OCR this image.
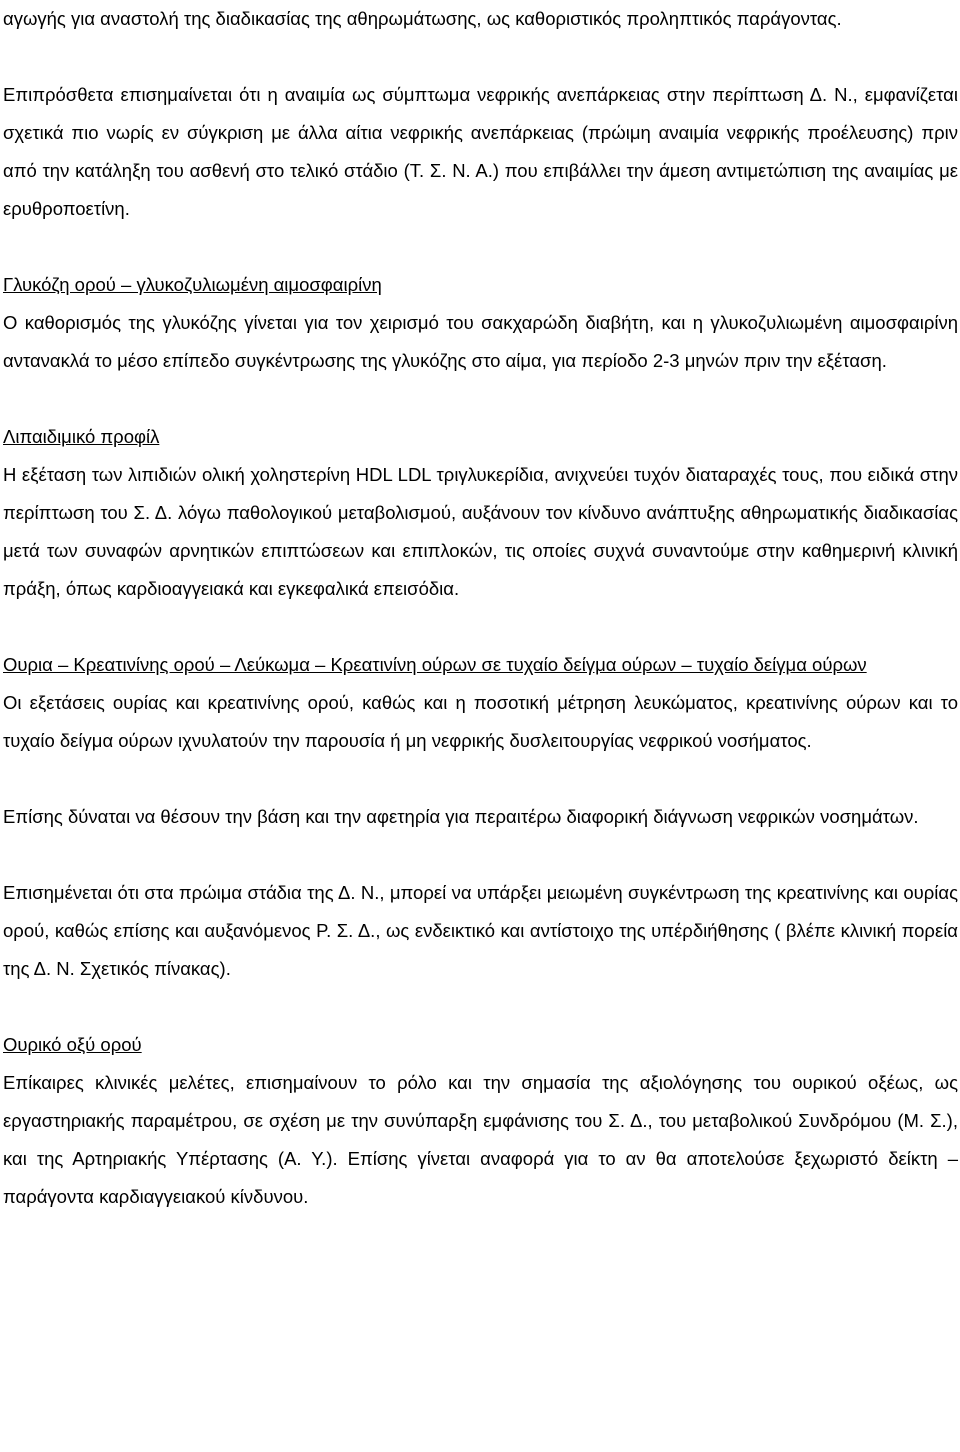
αγωγής για αναστολή της διαδικασίας της αθηρωμάτωσης, ως καθοριστικός προληπτικός παράγοντας.

Επιπρόσθετα επισημαίνεται ότι η αναιμία ως σύμπτωμα νεφρικής ανεπάρκειας στην περίπτωση Δ. Ν., εμφανίζεται σχετικά πιο νωρίς εν σύγκριση με άλλα αίτια νεφρικής ανεπάρκειας (πρώιμη αναιμία νεφρικής προέλευσης) πριν από την κατάληξη του ασθενή στο τελικό στάδιο (Τ. Σ. Ν. Α.) που επιβάλλει την άμεση αντιμετώπιση της αναιμίας με ερυθροποετίνη.

Γλυκόζη ορού – γλυκοζυλιωμένη αιμοσφαιρίνη

Ο καθορισμός της γλυκόζης γίνεται για τον χειρισμό του σακχαρώδη διαβήτη, και η γλυκοζυλιωμένη αιμοσφαιρίνη αντανακλά το μέσο επίπεδο συγκέντρωσης της γλυκόζης στο αίμα, για περίοδο 2-3 μηνών πριν την εξέταση.

Λιπαιδιμικό προφίλ

Η εξέταση των λιπιδιών ολική χοληστερίνη HDL LDL τριγλυκερίδια, ανιχνεύει τυχόν διαταραχές τους, που ειδικά στην περίπτωση του Σ. Δ. λόγω παθολογικού μεταβολισμού, αυξάνουν τον κίνδυνο ανάπτυξης αθηρωματικής διαδικασίας μετά των συναφών αρνητικών επιπτώσεων και επιπλοκών, τις οποίες συχνά συναντούμε στην καθημερινή κλινική πράξη, όπως καρδιοαγγειακά και εγκεφαλικά επεισόδια.

Ουρια – Κρεατινίνης ορού – Λεύκωμα – Κρεατινίνη ούρων σε τυχαίο δείγμα ούρων – τυχαίο δείγμα ούρων

Οι εξετάσεις ουρίας και κρεατινίνης ορού, καθώς και η ποσοτική μέτρηση λευκώματος, κρεατινίνης ούρων και το τυχαίο δείγμα ούρων ιχνυλατούν την παρουσία ή μη νεφρικής δυσλειτουργίας νεφρικού νοσήματος.

Επίσης δύναται να θέσουν την βάση και την αφετηρία για περαιτέρω διαφορική διάγνωση νεφρικών νοσημάτων.

Επισημένεται ότι στα πρώιμα στάδια της Δ. Ν., μπορεί να υπάρξει μειωμένη συγκέντρωση της κρεατινίνης και ουρίας ορού, καθώς επίσης και αυξανόμενος Ρ. Σ. Δ., ως ενδεικτικό και αντίστοιχο της υπέρδιήθησης ( βλέπε κλινική πορεία της Δ. Ν. Σχετικός πίνακας).

Ουρικό οξύ ορού

Επίκαιρες κλινικές μελέτες, επισημαίνουν το ρόλο και την σημασία της αξιολόγησης του ουρικού οξέως, ως εργαστηριακής παραμέτρου, σε σχέση με την συνύπαρξη εμφάνισης του Σ. Δ., του μεταβολικού Συνδρόμου (Μ. Σ.), και της Αρτηριακής Υπέρτασης (Α. Υ.). Επίσης γίνεται αναφορά για το αν θα αποτελούσε ξεχωριστό δείκτη – παράγοντα καρδιαγγειακού κίνδυνου.
